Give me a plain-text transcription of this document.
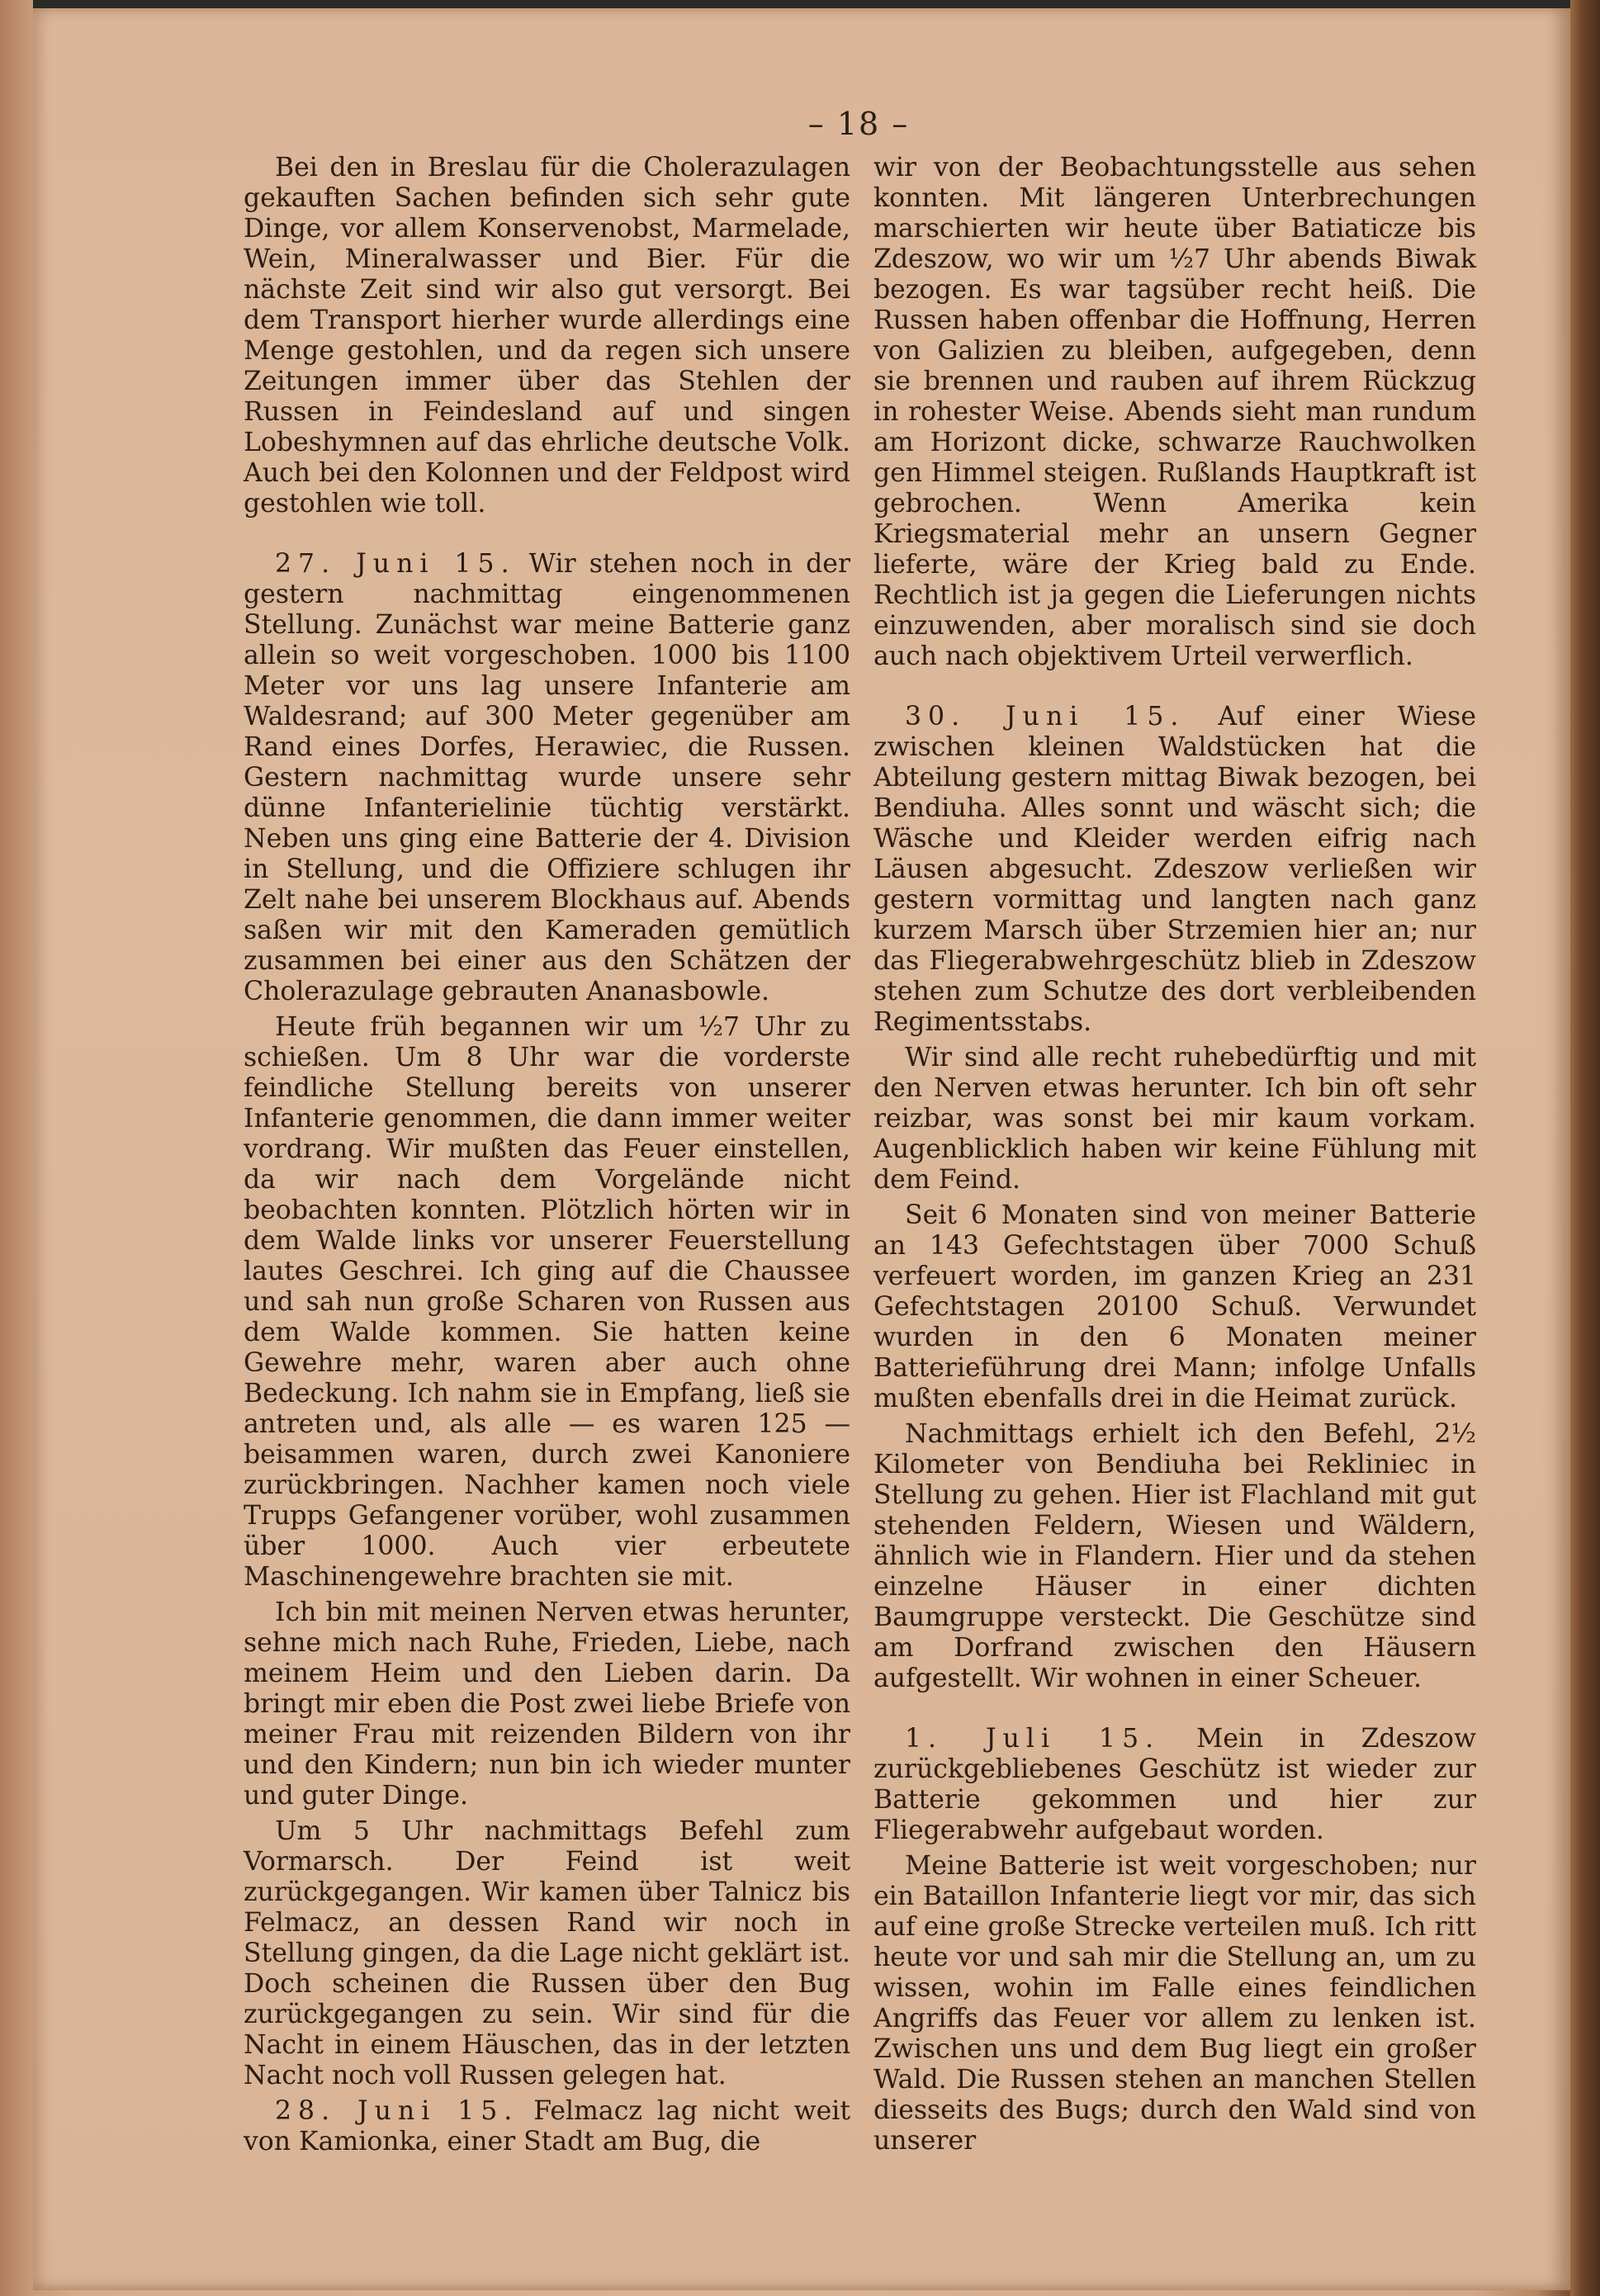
– 18 –

Bei den in Breslau für die Cholerazulagen gekauften Sachen befinden sich sehr gute Dinge, vor allem Konservenobst, Marmelade, Wein, Mineralwasser und Bier. Für die nächste Zeit sind wir also gut versorgt. Bei dem Transport hierher wurde allerdings eine Menge gestohlen, und da regen sich unsere Zeitungen immer über das Stehlen der Russen in Feindesland auf und singen Lobeshymnen auf das ehrliche deutsche Volk. Auch bei den Kolonnen und der Feldpost wird gestohlen wie toll.

27. Juni 15. Wir stehen noch in der gestern nachmittag eingenommenen Stellung. Zunächst war meine Batterie ganz allein so weit vorgeschoben. 1000 bis 1100 Meter vor uns lag unsere Infanterie am Waldesrand; auf 300 Meter gegenüber am Rand eines Dorfes, Herawiec, die Russen. Gestern nachmittag wurde unsere sehr dünne Infanterielinie tüchtig verstärkt. Neben uns ging eine Batterie der 4. Division in Stellung, und die Offiziere schlugen ihr Zelt nahe bei unserem Blockhaus auf. Abends saßen wir mit den Kameraden gemütlich zusammen bei einer aus den Schätzen der Cholerazulage gebrauten Ananasbowle.

Heute früh begannen wir um ½7 Uhr zu schießen. Um 8 Uhr war die vorderste feindliche Stellung bereits von unserer Infanterie genommen, die dann immer weiter vordrang. Wir mußten das Feuer einstellen, da wir nach dem Vorgelände nicht beobachten konnten. Plötzlich hörten wir in dem Walde links vor unserer Feuerstellung lautes Geschrei. Ich ging auf die Chaussee und sah nun große Scharen von Russen aus dem Walde kommen. Sie hatten keine Gewehre mehr, waren aber auch ohne Bedeckung. Ich nahm sie in Empfang, ließ sie antreten und, als alle — es waren 125 — beisammen waren, durch zwei Kanoniere zurückbringen. Nachher kamen noch viele Trupps Gefangener vorüber, wohl zusammen über 1000. Auch vier erbeutete Maschinengewehre brachten sie mit.

Ich bin mit meinen Nerven etwas herunter, sehne mich nach Ruhe, Frieden, Liebe, nach meinem Heim und den Lieben darin. Da bringt mir eben die Post zwei liebe Briefe von meiner Frau mit reizenden Bildern von ihr und den Kindern; nun bin ich wieder munter und guter Dinge.

Um 5 Uhr nachmittags Befehl zum Vormarsch. Der Feind ist weit zurückgegangen. Wir kamen über Talnicz bis Felmacz, an dessen Rand wir noch in Stellung gingen, da die Lage nicht geklärt ist. Doch scheinen die Russen über den Bug zurückgegangen zu sein. Wir sind für die Nacht in einem Häuschen, das in der letzten Nacht noch voll Russen gelegen hat.

28. Juni 15. Felmacz lag nicht weit von Kamionka, einer Stadt am Bug, die

wir von der Beobachtungsstelle aus sehen konnten. Mit längeren Unterbrechungen marschierten wir heute über Batiaticze bis Zdeszow, wo wir um ½7 Uhr abends Biwak bezogen. Es war tagsüber recht heiß. Die Russen haben offenbar die Hoffnung, Herren von Galizien zu bleiben, aufgegeben, denn sie brennen und rauben auf ihrem Rückzug in rohester Weise. Abends sieht man rundum am Horizont dicke, schwarze Rauchwolken gen Himmel steigen. Rußlands Hauptkraft ist gebrochen. Wenn Amerika kein Kriegsmaterial mehr an unsern Gegner lieferte, wäre der Krieg bald zu Ende. Rechtlich ist ja gegen die Lieferungen nichts einzuwenden, aber moralisch sind sie doch auch nach objektivem Urteil verwerflich.

30. Juni 15. Auf einer Wiese zwischen kleinen Waldstücken hat die Abteilung gestern mittag Biwak bezogen, bei Bendiuha. Alles sonnt und wäscht sich; die Wäsche und Kleider werden eifrig nach Läusen abgesucht. Zdeszow verließen wir gestern vormittag und langten nach ganz kurzem Marsch über Strzemien hier an; nur das Fliegerabwehrgeschütz blieb in Zdeszow stehen zum Schutze des dort verbleibenden Regimentsstabs.

Wir sind alle recht ruhebedürftig und mit den Nerven etwas herunter. Ich bin oft sehr reizbar, was sonst bei mir kaum vorkam. Augenblicklich haben wir keine Fühlung mit dem Feind.

Seit 6 Monaten sind von meiner Batterie an 143 Gefechtstagen über 7000 Schuß verfeuert worden, im ganzen Krieg an 231 Gefechtstagen 20100 Schuß. Verwundet wurden in den 6 Monaten meiner Batterieführung drei Mann; infolge Unfalls mußten ebenfalls drei in die Heimat zurück.

Nachmittags erhielt ich den Befehl, 2½ Kilometer von Bendiuha bei Rekliniec in Stellung zu gehen. Hier ist Flachland mit gut stehenden Feldern, Wiesen und Wäldern, ähnlich wie in Flandern. Hier und da stehen einzelne Häuser in einer dichten Baumgruppe versteckt. Die Geschütze sind am Dorfrand zwischen den Häusern aufgestellt. Wir wohnen in einer Scheuer.

1. Juli 15. Mein in Zdeszow zurückgebliebenes Geschütz ist wieder zur Batterie gekommen und hier zur Fliegerabwehr aufgebaut worden.

Meine Batterie ist weit vorgeschoben; nur ein Bataillon Infanterie liegt vor mir, das sich auf eine große Strecke verteilen muß. Ich ritt heute vor und sah mir die Stellung an, um zu wissen, wohin im Falle eines feindlichen Angriffs das Feuer vor allem zu lenken ist. Zwischen uns und dem Bug liegt ein großer Wald. Die Russen stehen an manchen Stellen diesseits des Bugs; durch den Wald sind von unserer
